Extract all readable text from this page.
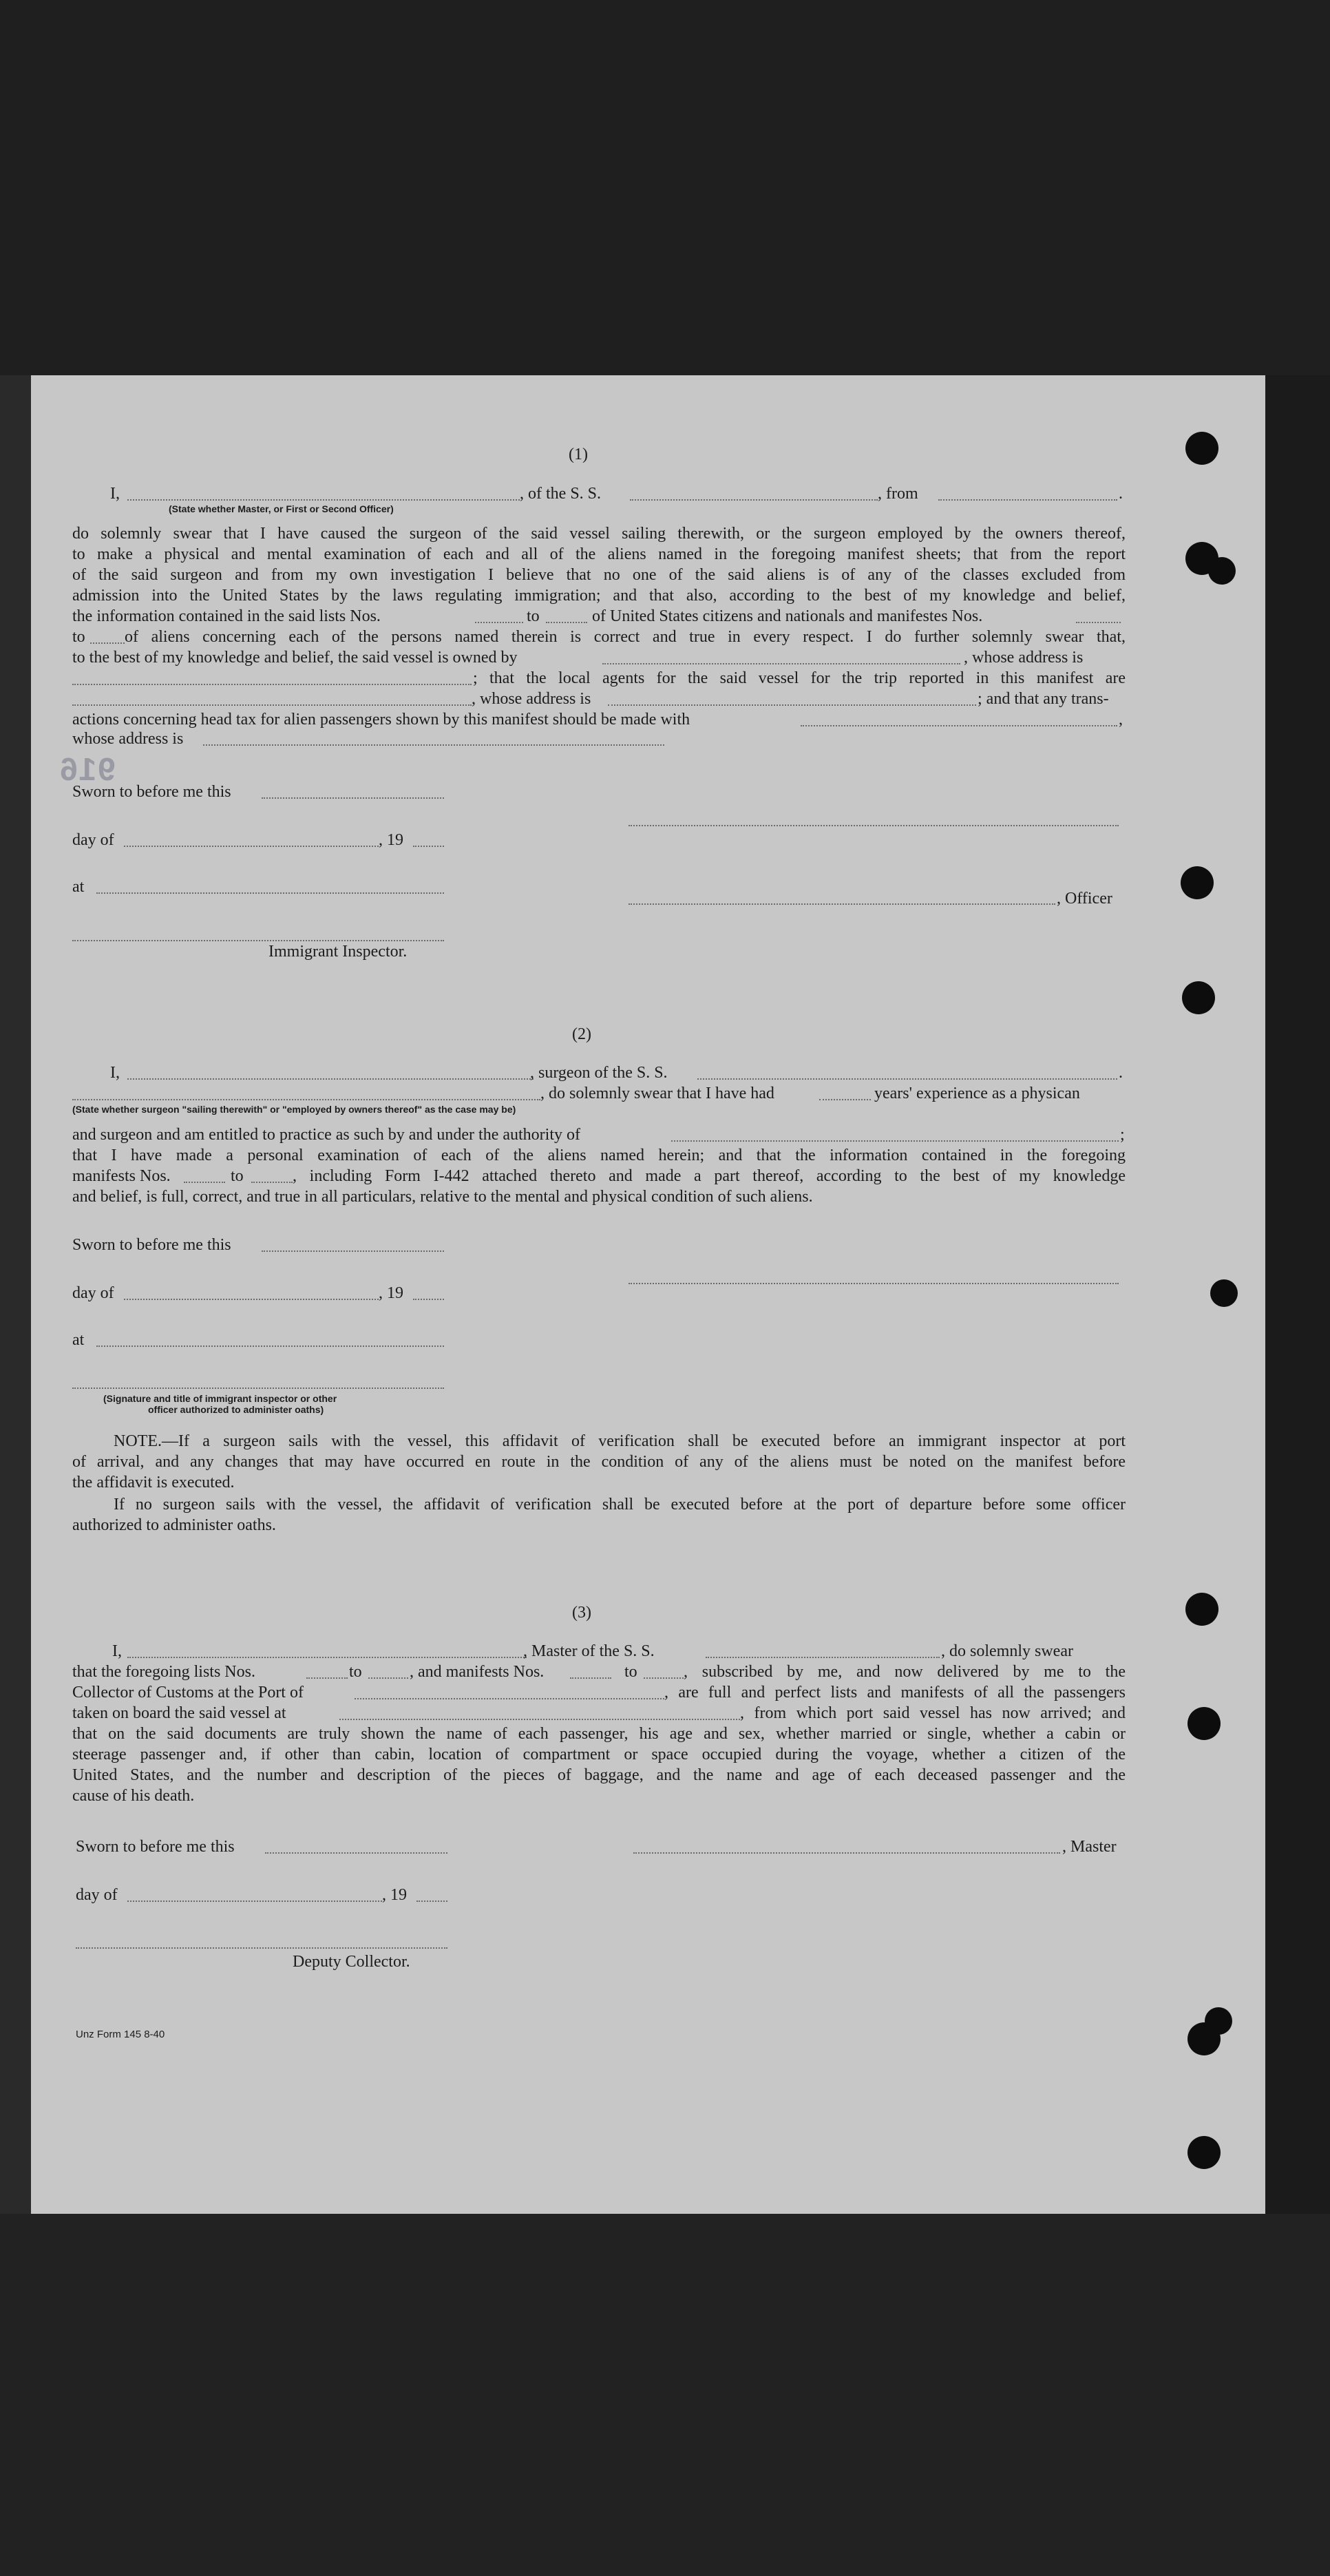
(1)
I,	, of the S. S.	, from	.
(State whether Master, or First or Second Officer)
do solemnly swear that I have caused the surgeon of the said vessel sailing therewith, or the surgeon employed by the owners thereof,
to make a physical and mental examination of each and all of the aliens named in the foregoing manifest sheets; that from the report
of the said surgeon and from my own investigation I believe that no one of the said aliens is of any of the classes excluded from
admission into the United States by the laws regulating immigration; and that also, according to the best of my knowledge and belief,
the information contained in the said lists Nos.	to	of United States citizens and nationals and manifestes Nos.
to of aliens concerning each of the persons named therein is correct and true in every respect. I do further solemnly swear that,
to the best of my knowledge and belief, the said vessel is owned by	, whose address is
; that the local agents for the said vessel for the trip reported in this manifest are
, whose address is	; and that any trans-
actions concerning head tax for alien passengers shown by this manifest should be made with	,
whose address is
916
Sworn to before me this
day of	, 19
at
, Officer
Immigrant Inspector.
(2)
I,	, surgeon of the S. S.	.
, do solemnly swear that I have had	years' experience as a physican
(State whether surgeon "sailing therewith" or "employed by owners thereof" as the case may be)
and surgeon and am entitled to practice as such by and under the authority of	;
that I have made a personal examination of each of the aliens named herein; and that the information contained in the foregoing
manifests Nos.	to	, including Form I-442 attached thereto and made a part thereof, according to the best of my knowledge
and belief, is full, correct, and true in all particulars, relative to the mental and physical condition of such aliens.
Sworn to before me this
day of	, 19
at
(Signature and title of immigrant inspector or other
officer authorized to administer oaths)
NOTE.—If a surgeon sails with the vessel, this affidavit of verification shall be executed before an immigrant inspector at port
of arrival, and any changes that may have occurred en route in the condition of any of the aliens must be noted on the manifest before
the affidavit is executed.
If no surgeon sails with the vessel, the affidavit of verification shall be executed before at the port of departure before some officer
authorized to administer oaths.
(3)
I,	, Master of the S. S.	, do solemnly swear
that the foregoing lists Nos.	to	, and manifests Nos.	to	, subscribed by me, and now delivered by me to the
Collector of Customs at the Port of	, are full and perfect lists and manifests of all the passengers
taken on board the said vessel at	, from which port said vessel has now arrived; and
that on the said documents are truly shown the name of each passenger, his age and sex, whether married or single, whether a cabin or
steerage passenger and, if other than cabin, location of compartment or space occupied during the voyage, whether a citizen of the
United States, and the number and description of the pieces of baggage, and the name and age of each deceased passenger and the
cause of his death.
Sworn to before me this	, Master
day of	, 19
Deputy Collector.
Unz Form 145 8-40
